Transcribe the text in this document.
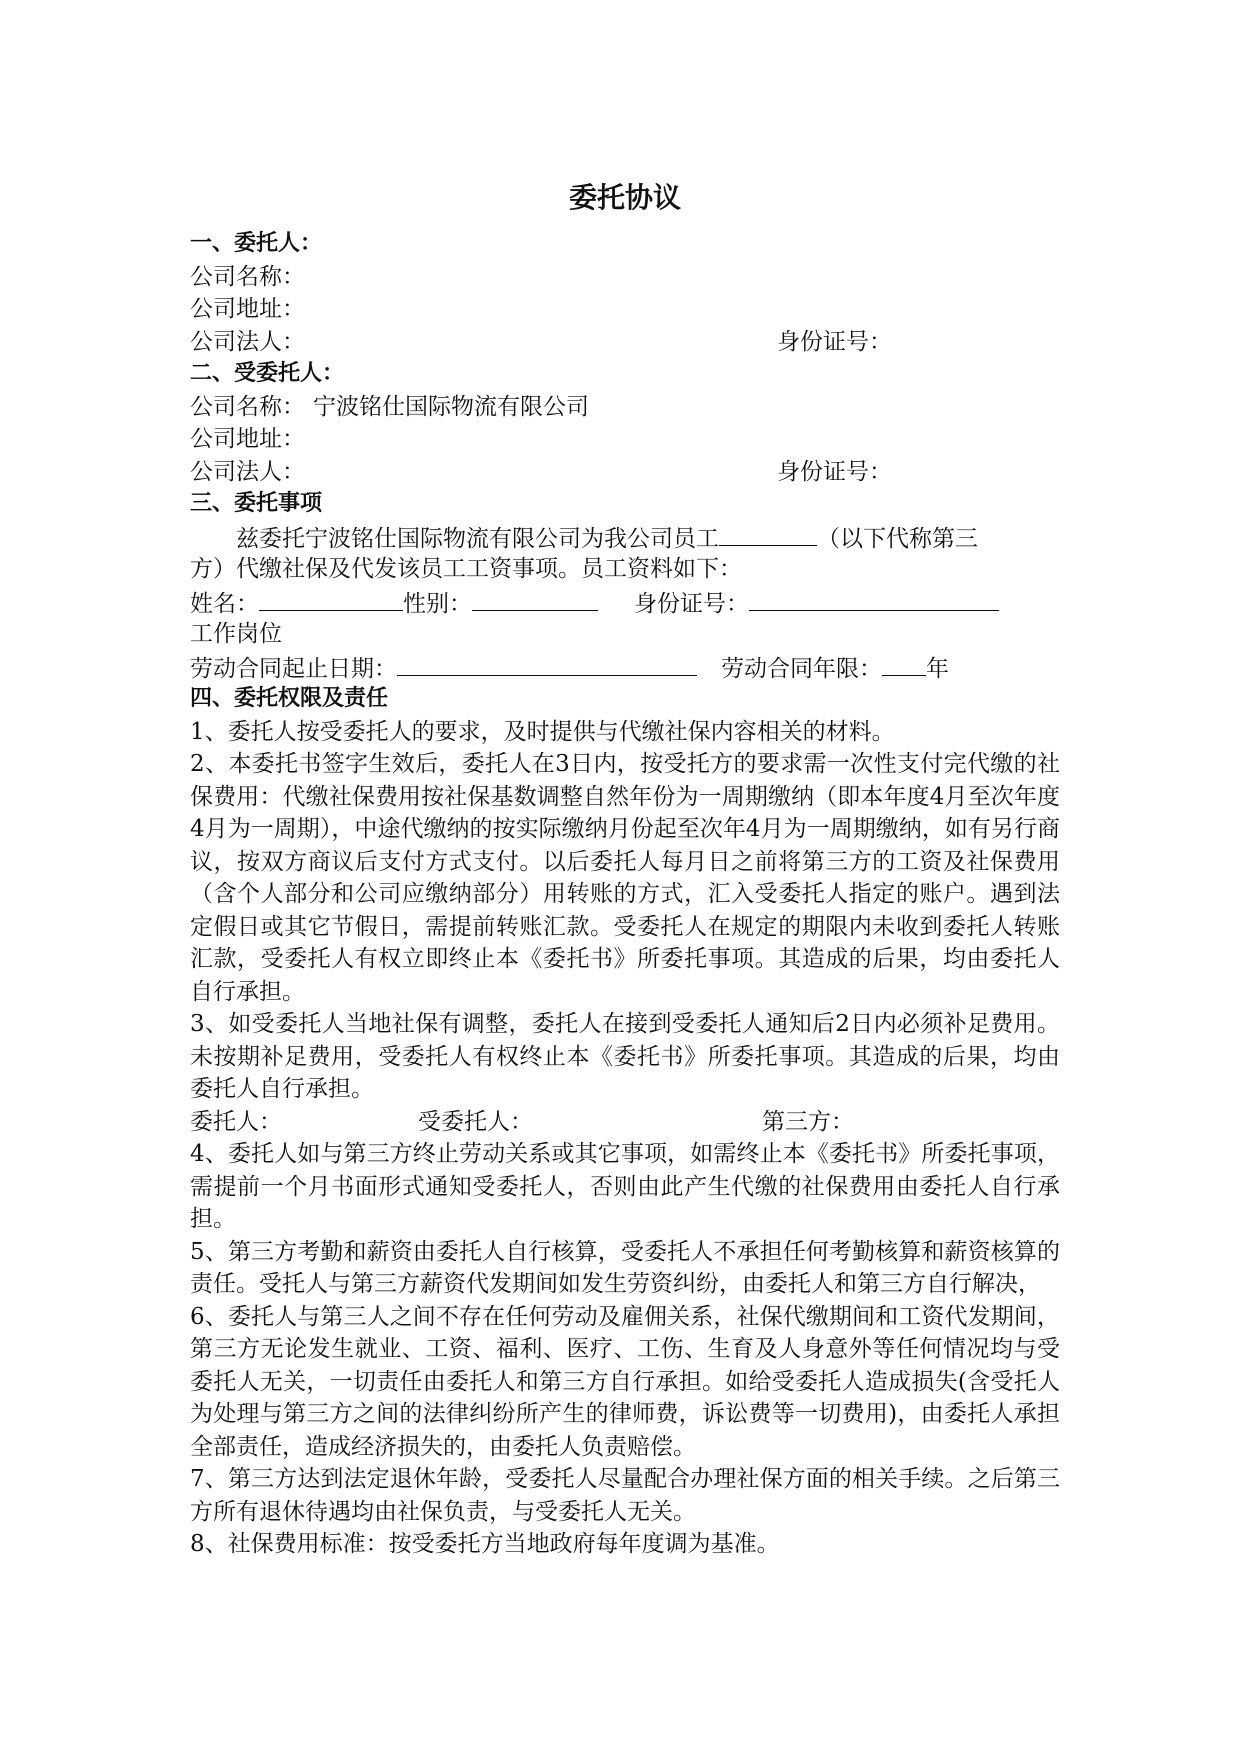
委托协议
一、委托人：
公司名称：
公司地址：
公司法人：	身份证号：
二、受委托人：
公司名称： 宁波铭仕国际物流有限公司
公司地址：
公司法人：	身份证号：
三、委托事项
兹委托宁波铭仕国际物流有限公司为我公司员工	（以下代称第三
方）代缴社保及代发该员工工资事项。员工资料如下：
姓名：	性别：	身份证号：
工作岗位
劳动合同起止日期：	劳动合同年限： 年
四、委托权限及责任
1、委托人按受委托人的要求，及时提供与代缴社保内容相关的材料。
2、本委托书签字生效后，委托人在3日内，按受托方的要求需一次性支付完代缴的社保费用：代缴社保费用按社保基数调整自然年份为一周期缴纳（即本年度4月至次年度4月为一周期），中途代缴纳的按实际缴纳月份起至次年4月为一周期缴纳，如有另行商议，按双方商议后支付方式支付。以后委托人每月日之前将第三方的工资及社保费用（含个人部分和公司应缴纳部分）用转账的方式，汇入受委托人指定的账户。遇到法定假日或其它节假日，需提前转账汇款。受委托人在规定的期限内未收到委托人转账汇款，受委托人有权立即终止本《委托书》所委托事项。其造成的后果，均由委托人自行承担。
3、如受委托人当地社保有调整，委托人在接到受委托人通知后2日内必须补足费用。未按期补足费用，受委托人有权终止本《委托书》所委托事项。其造成的后果，均由委托人自行承担。
委托人：	受委托人：	第三方：
4、委托人如与第三方终止劳动关系或其它事项，如需终止本《委托书》所委托事项，需提前一个月书面形式通知受委托人，否则由此产生代缴的社保费用由委托人自行承担。
5、第三方考勤和薪资由委托人自行核算，受委托人不承担任何考勤核算和薪资核算的责任。受托人与第三方薪资代发期间如发生劳资纠纷，由委托人和第三方自行解决，
6、委托人与第三人之间不存在任何劳动及雇佣关系，社保代缴期间和工资代发期间，第三方无论发生就业、工资、福利、医疗、工伤、生育及人身意外等任何情况均与受委托人无关，一切责任由委托人和第三方自行承担。如给受委托人造成损失(含受托人为处理与第三方之间的法律纠纷所产生的律师费，诉讼费等一切费用)，由委托人承担全部责任，造成经济损失的，由委托人负责赔偿。
7、第三方达到法定退休年龄，受委托人尽量配合办理社保方面的相关手续。之后第三方所有退休待遇均由社保负责，与受委托人无关。
8、社保费用标准：按受委托方当地政府每年度调为基准。
